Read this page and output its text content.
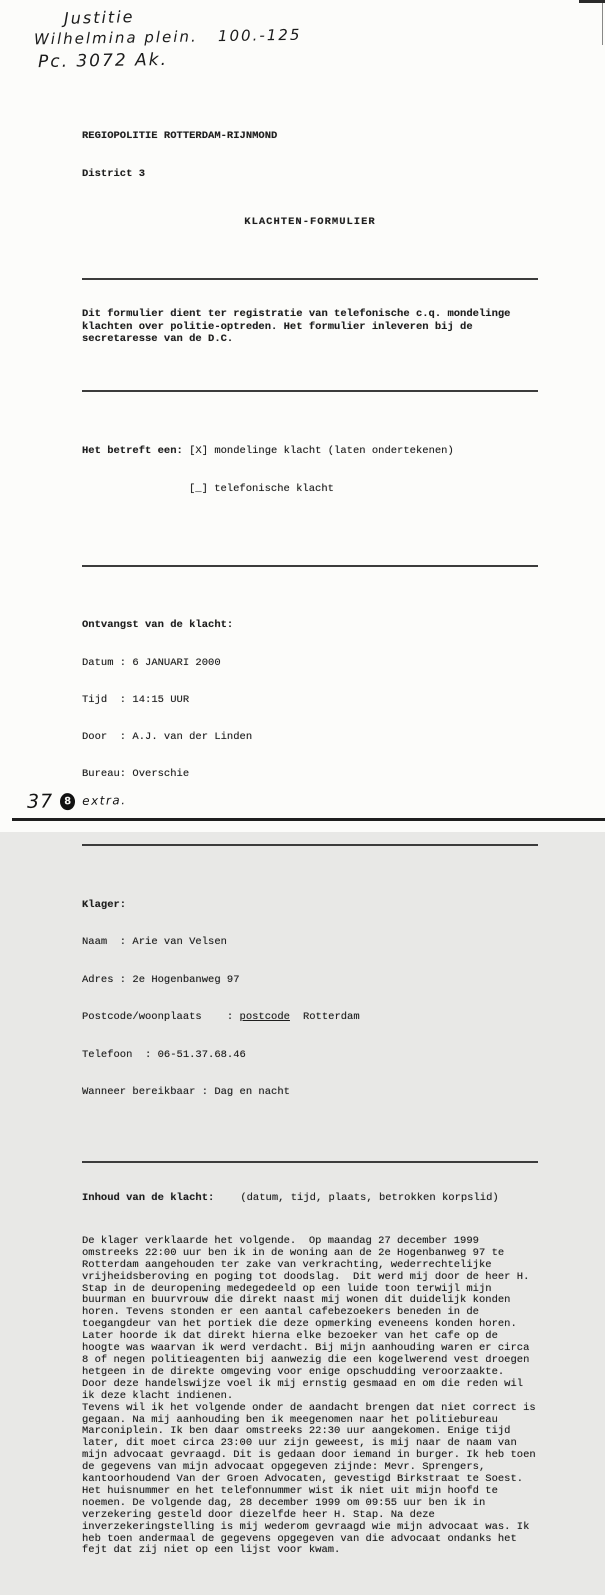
Justitie
Wilhelmina plein.   100.-125
Pc. 3072 Ak.

REGIOPOLITIE ROTTERDAM-RIJNMOND

District 3

KLACHTEN-FORMULIER

Dit formulier dient ter registratie van telefonische c.q. mondelinge
klachten over politie-optreden. Het formulier inleveren bij de
secretaresse van de D.C.

Het betreft een: [X] mondelinge klacht (laten ondertekenen)

[_] telefonische klacht

Ontvangst van de klacht:

Datum : 6 JANUARI 2000

Tijd  : 14:15 UUR

Door  : A.J. van der Linden

Bureau: Overschie

Klager:

Naam  : Arie van Velsen

Adres : 2e Hogenbanweg 97

Postcode/woonplaats    : postcode Rotterdam

Telefoon  : 06-51.37.68.46

Wanneer bereikbaar : Dag en nacht

Inhoud van de klacht: (datum, tijd, plaats, betrokken korpslid)

De klager verklaarde het volgende.  Op maandag 27 december 1999
omstreeks 22:00 uur ben ik in de woning aan de 2e Hogenbanweg 97 te
Rotterdam aangehouden ter zake van verkrachting, wederrechtelijke
vrijheidsberoving en poging tot doodslag.  Dit werd mij door de heer H.
Stap in de deuropening medegedeeld op een luide toon terwijl mijn
buurman en buurvrouw die direkt naast mij wonen dit duidelijk konden
horen. Tevens stonden er een aantal cafebezoekers beneden in de
toegangdeur van het portiek die deze opmerking eveneens konden horen.
Later hoorde ik dat direkt hierna elke bezoeker van het cafe op de
hoogte was waarvan ik werd verdacht. Bij mijn aanhouding waren er circa
8 of negen politieagenten bij aanwezig die een kogelwerend vest droegen
hetgeen in de direkte omgeving voor enige opschudding veroorzaakte.
Door deze handelswijze voel ik mij ernstig gesmaad en om die reden wil
ik deze klacht indienen.
Tevens wil ik het volgende onder de aandacht brengen dat niet correct is
gegaan. Na mij aanhouding ben ik meegenomen naar het politiebureau
Marconiplein. Ik ben daar omstreeks 22:30 uur aangekomen. Enige tijd
later, dit moet circa 23:00 uur zijn geweest, is mij naar de naam van
mijn advocaat gevraagd. Dit is gedaan door iemand in burger. Ik heb toen
de gegevens van mijn advocaat opgegeven zijnde: Mevr. Sprengers,
kantoorhoudend Van der Groen Advocaten, gevestigd Birkstraat te Soest.
Het huisnummer en het telefonnummer wist ik niet uit mijn hoofd te
noemen. De volgende dag, 28 december 1999 om 09:55 uur ben ik in
verzekering gesteld door diezelfde heer H. Stap. Na deze
inverzekeringstelling is mij wederom gevraagd wie mijn advocaat was. Ik
heb toen andermaal de gegevens opgegeven van die advocaat ondanks het
fejt dat zij niet op een lijst voor kwam.

37	8 extra.
